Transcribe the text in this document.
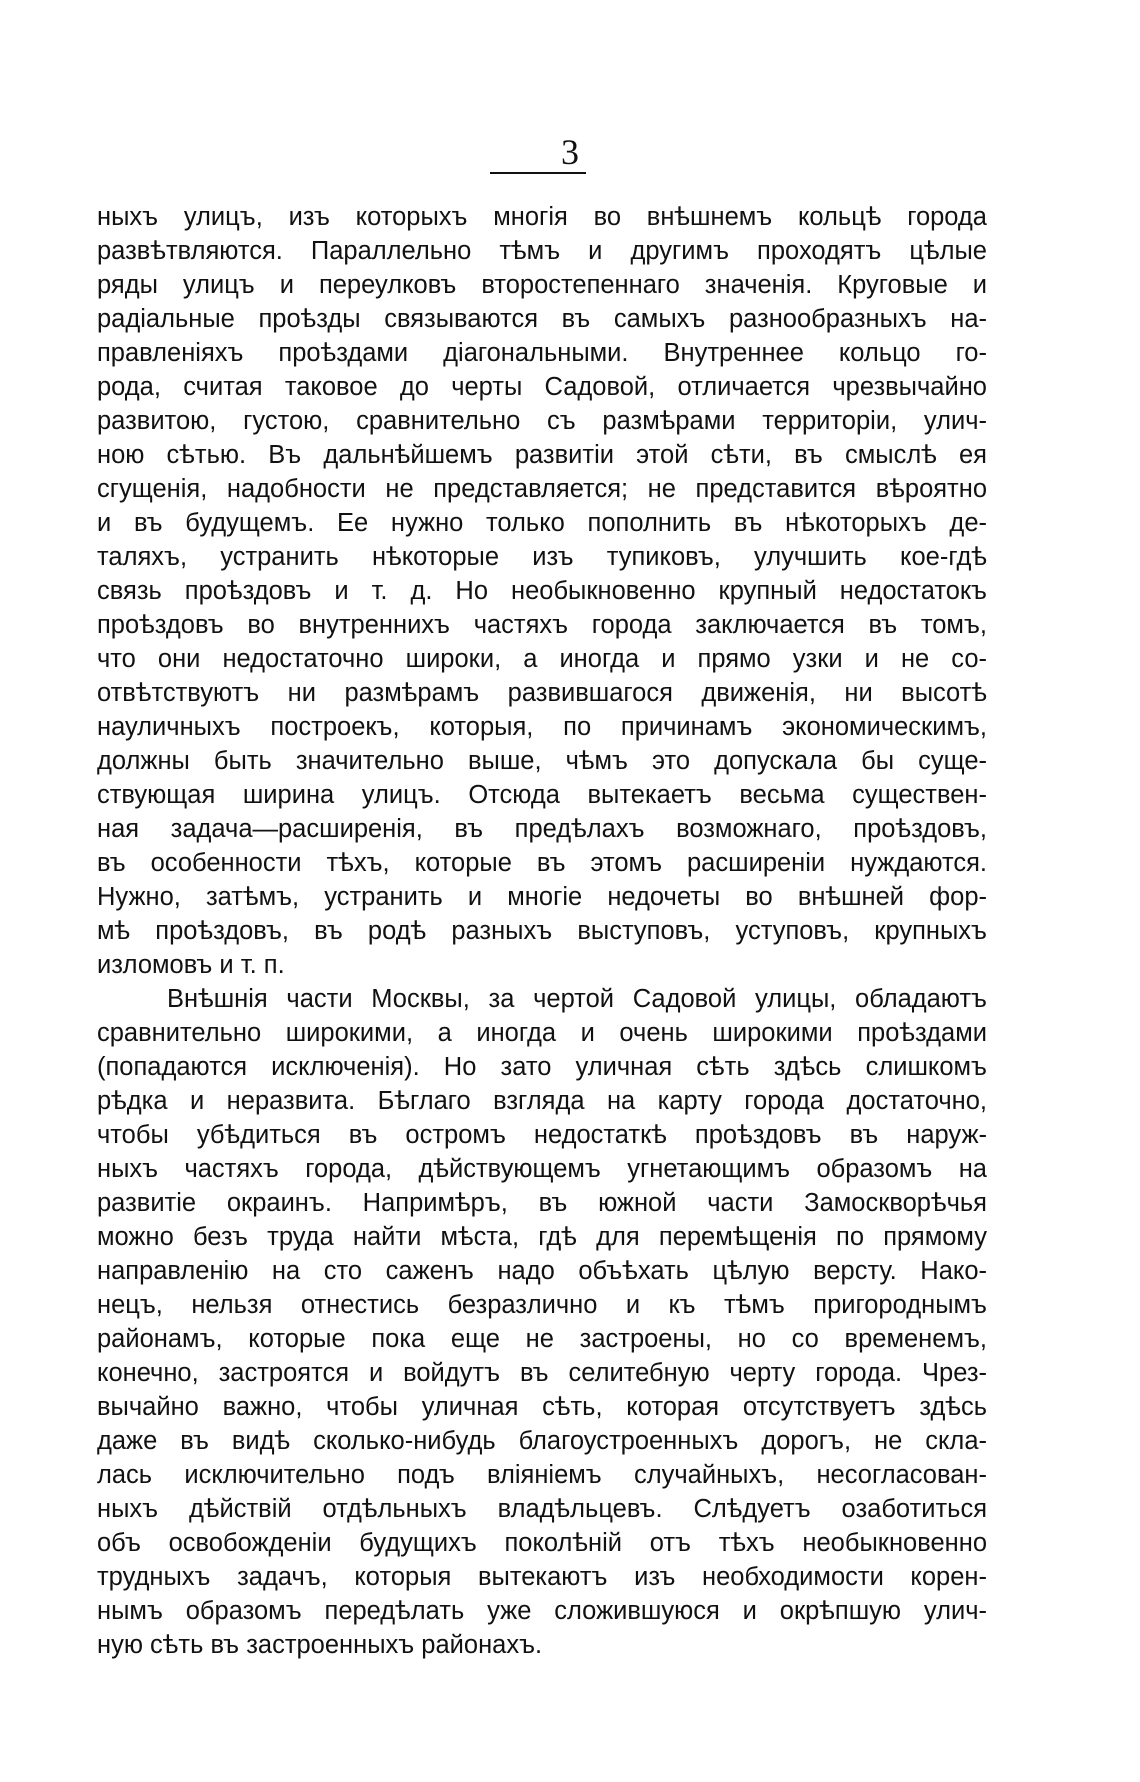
3
ныхъ улицъ, изъ которыхъ многія во внѣшнемъ кольцѣ города
развѣтвляются. Параллельно тѣмъ и другимъ проходятъ цѣлые
ряды улицъ и переулковъ второстепеннаго значенія. Круговые и
радіальные проѣзды связываются въ самыхъ разнообразныхъ на-
правленіяхъ проѣздами діагональными. Внутреннее кольцо го-
рода, считая таковое до черты Садовой, отличается чрезвычайно
развитою, густою, сравнительно съ размѣрами территоріи, улич-
ною сѣтью. Въ дальнѣйшемъ развитіи этой сѣти, въ смыслѣ ея
сгущенія, надобности не представляется; не представится вѣроятно
и въ будущемъ. Ее нужно только пополнить въ нѣкоторыхъ де-
таляхъ, устранить нѣкоторые изъ тупиковъ, улучшить кое-гдѣ
связь проѣздовъ и т. д. Но необыкновенно крупный недостатокъ
проѣздовъ во внутреннихъ частяхъ города заключается въ томъ,
что они недостаточно широки, а иногда и прямо узки и не со-
отвѣтствуютъ ни размѣрамъ развившагося движенія, ни высотѣ
науличныхъ построекъ, которыя, по причинамъ экономическимъ,
должны быть значительно выше, чѣмъ это допускала бы суще-
ствующая ширина улицъ. Отсюда вытекаетъ весьма существен-
ная задача—расширенія, въ предѣлахъ возможнаго, проѣздовъ,
въ особенности тѣхъ, которые въ этомъ расширеніи нуждаются.
Нужно, затѣмъ, устранить и многіе недочеты во внѣшней фор-
мѣ проѣздовъ, въ родѣ разныхъ выступовъ, уступовъ, крупныхъ
изломовъ и т. п.
Внѣшнія части Москвы, за чертой Садовой улицы, обладаютъ
сравнительно широкими, а иногда и очень широкими проѣздами
(попадаются исключенія). Но зато уличная сѣть здѣсь слишкомъ
рѣдка и неразвита. Бѣглаго взгляда на карту города достаточно,
чтобы убѣдиться въ остромъ недостаткѣ проѣздовъ въ наруж-
ныхъ частяхъ города, дѣйствующемъ угнетающимъ образомъ на
развитіе окраинъ. Напримѣръ, въ южной части Замоскворѣчья
можно безъ труда найти мѣста, гдѣ для перемѣщенія по прямому
направленію на сто саженъ надо объѣхать цѣлую версту. Нако-
нецъ, нельзя отнестись безразлично и къ тѣмъ пригороднымъ
районамъ, которые пока еще не застроены, но со временемъ,
конечно, застроятся и войдутъ въ селитебную черту города. Чрез-
вычайно важно, чтобы уличная сѣть, которая отсутствуетъ здѣсь
даже въ видѣ сколько-нибудь благоустроенныхъ дорогъ, не скла-
лась исключительно подъ вліяніемъ случайныхъ, несогласован-
ныхъ дѣйствій отдѣльныхъ владѣльцевъ. Слѣдуетъ озаботиться
объ освобожденіи будущихъ поколѣній отъ тѣхъ необыкновенно
трудныхъ задачъ, которыя вытекаютъ изъ необходимости корен-
нымъ образомъ передѣлать уже сложившуюся и окрѣпшую улич-
ную сѣть въ застроенныхъ районахъ.
